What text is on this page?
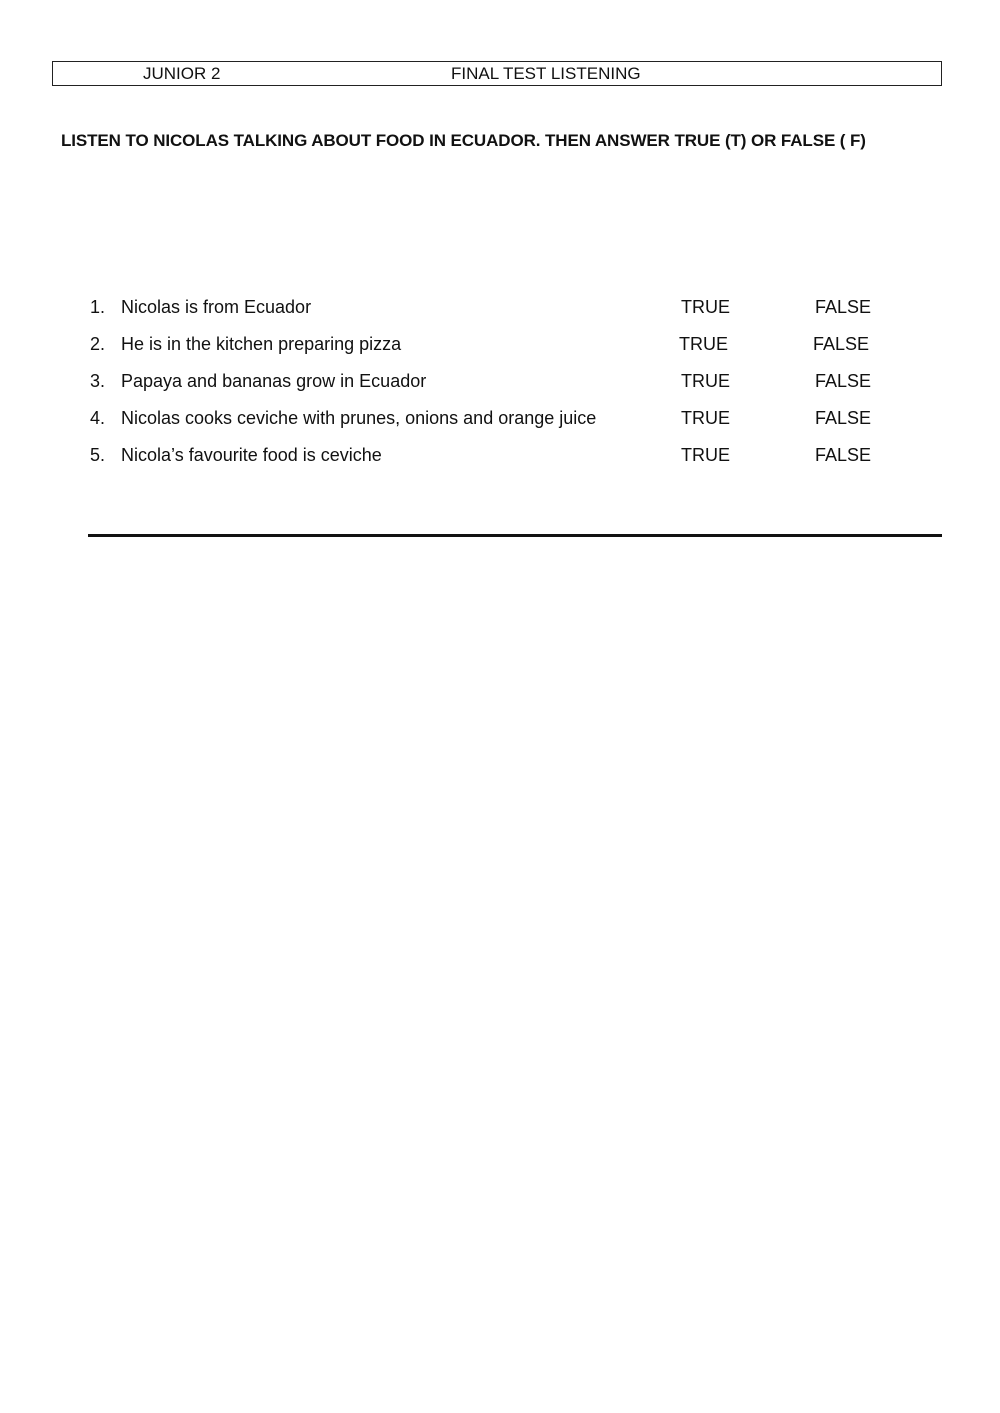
JUNIOR 2	FINAL TEST LISTENING
LISTEN TO NICOLAS TALKING ABOUT FOOD IN ECUADOR. THEN ANSWER TRUE (T) OR FALSE ( F)
1. Nicolas is from Ecuador	TRUE	FALSE
2. He is in the kitchen preparing pizza	TRUE	FALSE
3. Papaya and bananas grow in Ecuador	TRUE	FALSE
4. Nicolas cooks ceviche with prunes, onions and orange juice	TRUE	FALSE
5. Nicola’s favourite food is ceviche	TRUE	FALSE
